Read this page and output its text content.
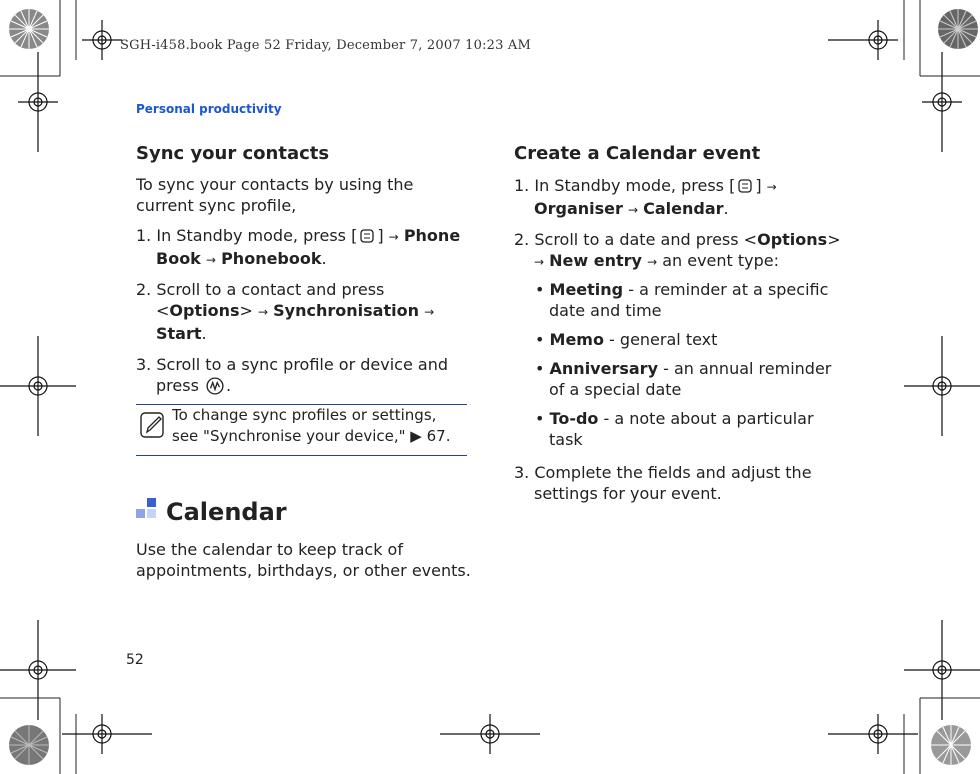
SGH-i458.book Page 52 Friday, December 7, 2007 10:23 AM
Personal productivity
Sync your contacts
To sync your contacts by using the
current sync profile,
1. In Standby mode, press [ ] → Phone
Book → Phonebook.
2. Scroll to a contact and press
<Options> → Synchronisation →
Start.
3. Scroll to a sync profile or device and
press .
To change sync profiles or settings,
see "Synchronise your device," ▶ 67.
Calendar
Use the calendar to keep track of
appointments, birthdays, or other events.
Create a Calendar event
1. In Standby mode, press [ ] →
Organiser → Calendar.
2. Scroll to a date and press <Options>
→ New entry → an event type:
• Meeting - a reminder at a specific
date and time
• Memo - general text
• Anniversary - an annual reminder
of a special date
• To-do - a note about a particular
task
3. Complete the fields and adjust the
settings for your event.
52
